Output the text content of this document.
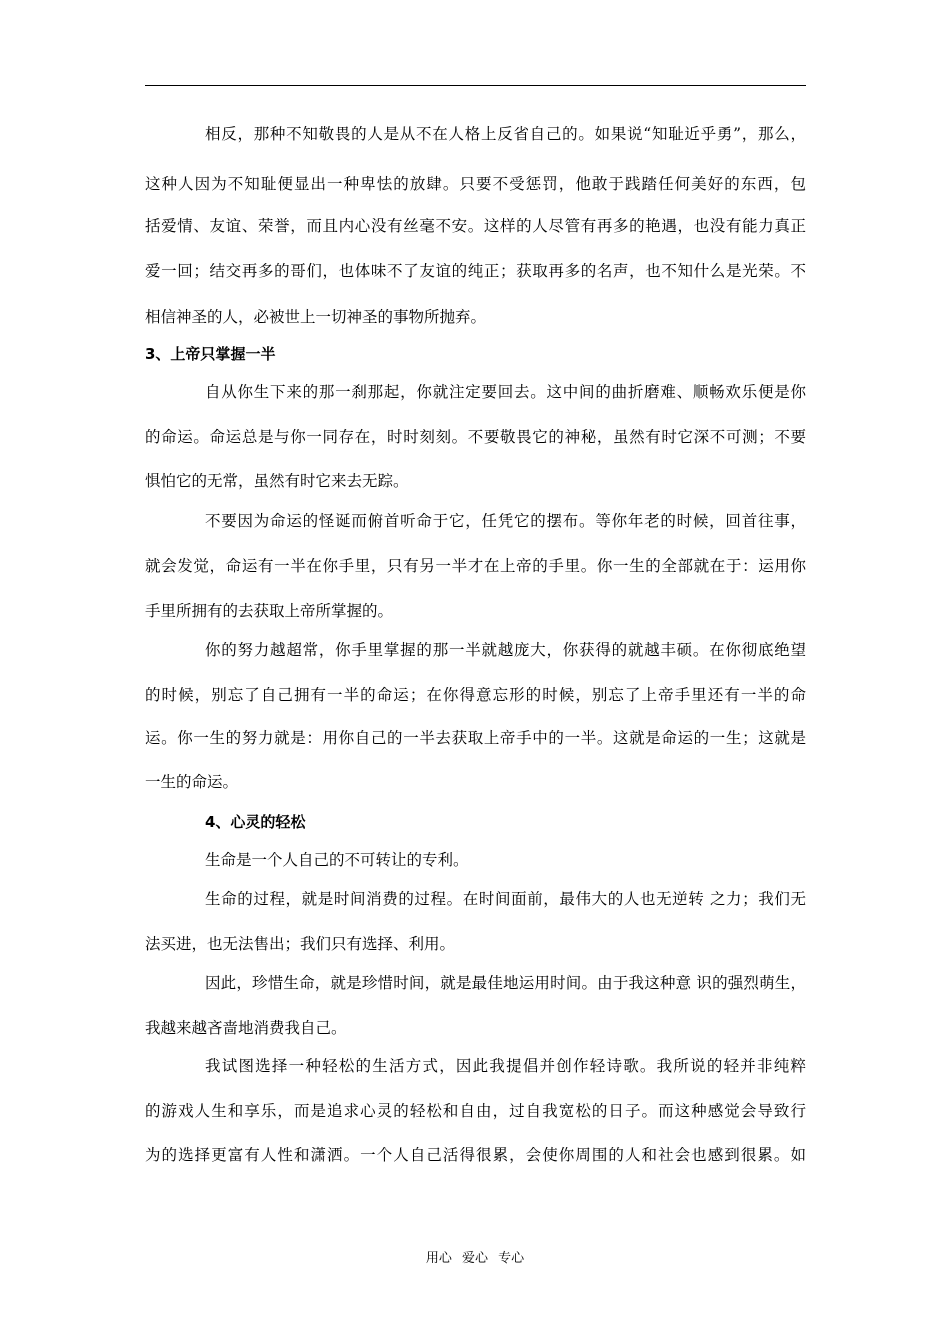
相反，那种不知敬畏的人是从不在人格上反省自己的。如果说“知耻近乎勇”，那么，
这种人因为不知耻便显出一种卑怯的放肆。只要不受惩罚，他敢于践踏任何美好的东西，包
括爱情、友谊、荣誉，而且内心没有丝毫不安。这样的人尽管有再多的艳遇，也没有能力真正
爱一回；结交再多的哥们，也体味不了友谊的纯正；获取再多的名声，也不知什么是光荣。不
相信神圣的人，必被世上一切神圣的事物所抛弃。
3、上帝只掌握一半
自从你生下来的那一刹那起，你就注定要回去。这中间的曲折磨难、顺畅欢乐便是你
的命运。命运总是与你一同存在，时时刻刻。不要敬畏它的神秘，虽然有时它深不可测；不要
惧怕它的无常，虽然有时它来去无踪。
不要因为命运的怪诞而俯首听命于它，任凭它的摆布。等你年老的时候，回首往事，
就会发觉，命运有一半在你手里，只有另一半才在上帝的手里。你一生的全部就在于：运用你
手里所拥有的去获取上帝所掌握的。
你的努力越超常，你手里掌握的那一半就越庞大，你获得的就越丰硕。在你彻底绝望
的时候，别忘了自己拥有一半的命运；在你得意忘形的时候，别忘了上帝手里还有一半的命
运。你一生的努力就是：用你自己的一半去获取上帝手中的一半。这就是命运的一生；这就是
一生的命运。
4、心灵的轻松
生命是一个人自己的不可转让的专利。
生命的过程，就是时间消费的过程。在时间面前，最伟大的人也无逆转 之力；我们无
法买进，也无法售出；我们只有选择、利用。
因此，珍惜生命，就是珍惜时间，就是最佳地运用时间。由于我这种意 识的强烈萌生，
我越来越吝啬地消费我自己。
我试图选择一种轻松的生活方式，因此我提倡并创作轻诗歌。我所说的轻并非纯粹
的游戏人生和享乐，而是追求心灵的轻松和自由，过自我宽松的日子。而这种感觉会导致行
为的选择更富有人性和潇洒。一个人自己活得很累，会使你周围的人和社会也感到很累。如
用心 爱心 专心
